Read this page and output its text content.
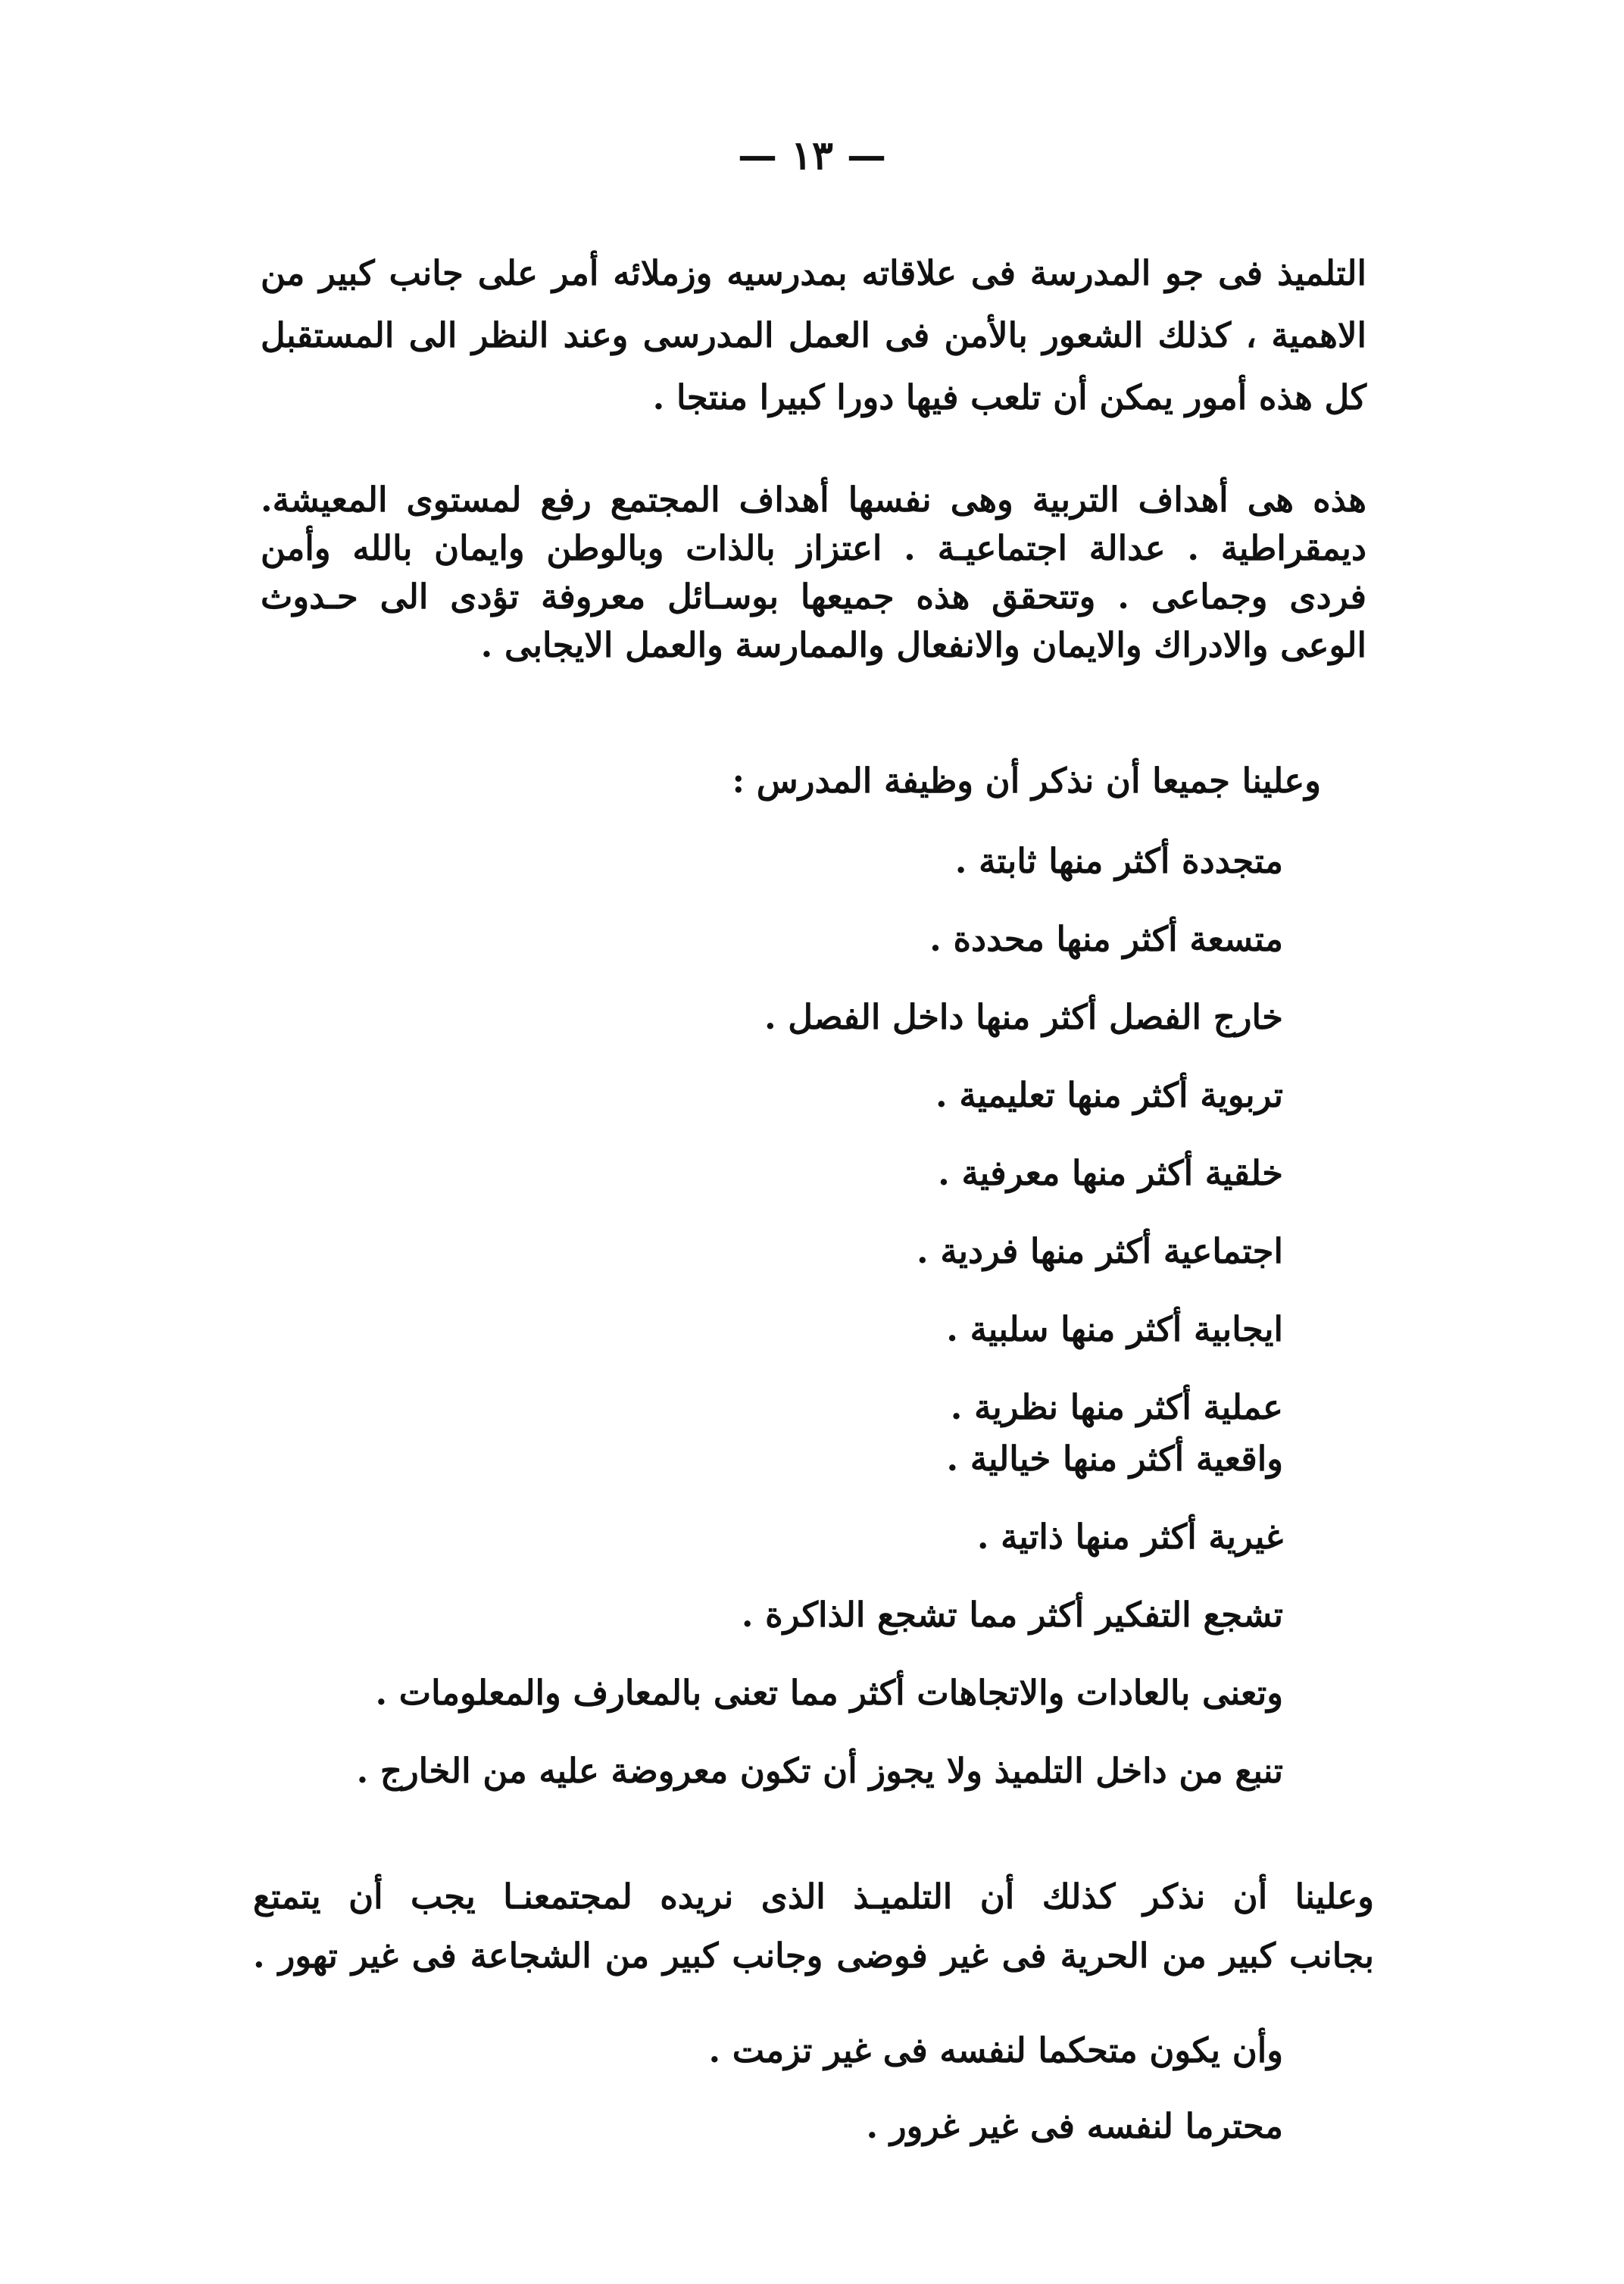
— ١٣ —
التلميذ فى جو المدرسة فى علاقاته بمدرسيه وزملائه أمر على جانب كبير من
الاهمية ، كذلك الشعور بالأمن فى العمل المدرسى وعند النظر الى المستقبل
كل هذه أمور يمكن أن تلعب فيها دورا كبيرا منتجا .
هذه هى أهداف التربية وهى نفسها أهداف المجتمع رفع لمستوى المعيشة.
ديمقراطية . عدالة اجتماعيـة . اعتزاز بالذات وبالوطن وايمان بالله وأمن
فردى وجماعى . وتتحقق هذه جميعها بوسـائل معروفة تؤدى الى حـدوث
الوعى والادراك والايمان والانفعال والممارسة والعمل الايجابى .
وعلينا جميعا أن نذكر أن وظيفة المدرس :
متجددة أكثر منها ثابتة .
متسعة أكثر منها محددة .
خارج الفصل أكثر منها داخل الفصل .
تربوية أكثر منها تعليمية .
خلقية أكثر منها معرفية .
اجتماعية أكثر منها فردية .
ايجابية أكثر منها سلبية .
عملية أكثر منها نظرية .
واقعية أكثر منها خيالية .
غيرية أكثر منها ذاتية .
تشجع التفكير أكثر مما تشجع الذاكرة .
وتعنى بالعادات والاتجاهات أكثر مما تعنى بالمعارف والمعلومات .
تنبع من داخل التلميذ ولا يجوز أن تكون معروضة عليه من الخارج .
وعلينا أن نذكر كذلك أن التلميـذ الذى نريده لمجتمعنـا يجب أن يتمتع
بجانب كبير من الحرية فى غير فوضى وجانب كبير من الشجاعة فى غير تهور .
وأن يكون متحكما لنفسه فى غير تزمت .
محترما لنفسه فى غير غرور .
